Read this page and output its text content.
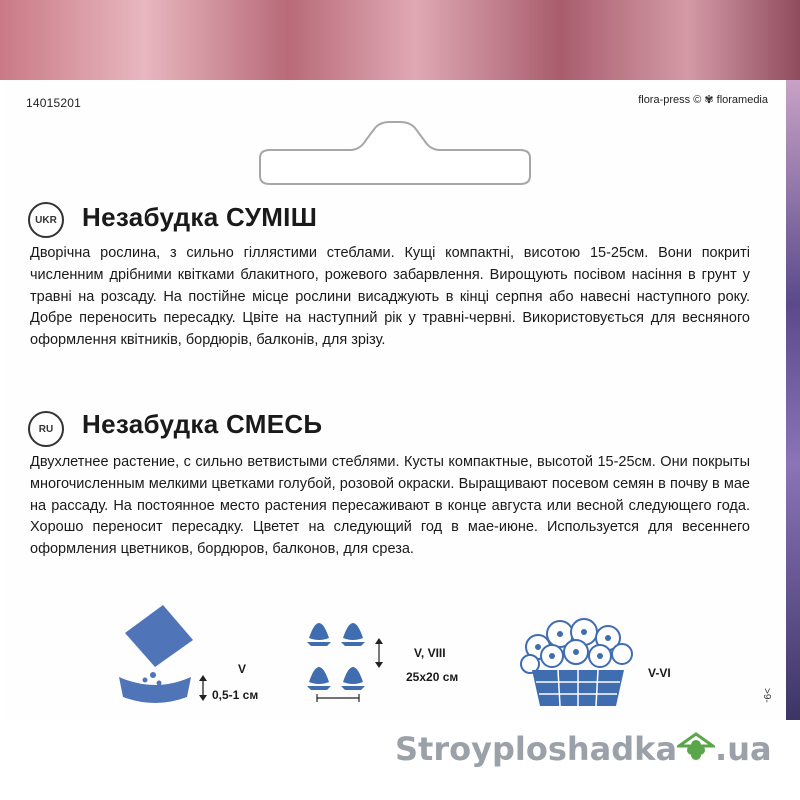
14015201	flora-press © ✾ floramedia
UKR Незабудка СУМІШ
Дворічна рослина, з сильно гіллястими стеблами. Кущі компактні, висотою 15-25см. Вони покриті численним дрібними квітками блакитного, рожевого забарвлення. Вирощують посівом насіння в грунт у травні на розсаду. На постійне місце рослини висаджують в кінці серпня або навесні наступного року. Добре переносить пересадку. Цвіте на наступний рік у травні-червні. Використовується для весняного оформлення квітників, бордюрів, балконів, для зрізу.
RU	Незабудка СМЕСЬ
Двухлетнее растение, с сильно ветвистыми стеблями. Кусты компактные, высотой 15-25см. Они покрыты многочисленным мелкими цветками голубой, розовой окраски. Выращивают посевом семян в почву в мае на рассаду. На постоянное место растения пересаживают в конце августа или весной следующего года. Хорошо переносит пересадку. Цветет на следующий год в мае-июне. Используется для весеннего оформления цветников, бордюров, балконов, для среза.
V
0,5-1 см
V, VIII
25x20 см	V-VI
>9-
Stroyploshadka .ua
